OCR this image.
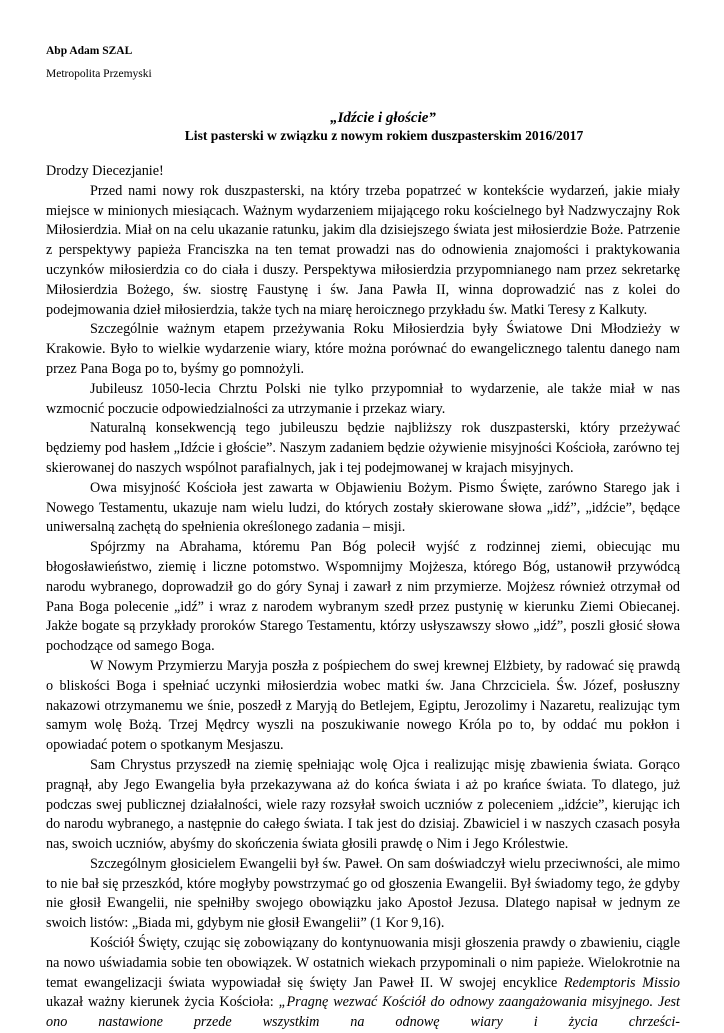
Abp Adam SZAL
Metropolita Przemyski
„Idźcie i głoście”
List pasterski w związku z nowym rokiem duszpasterskim 2016/2017
Drodzy Diecezjanie!

Przed nami nowy rok duszpasterski, na który trzeba popatrzeć w kontekście wydarzeń, jakie miały miejsce w minionych miesiącach. Ważnym wydarzeniem mijającego roku kościelnego był Nadzwyczajny Rok Miłosierdzia. Miał on na celu ukazanie ratunku, jakim dla dzisiejszego świata jest miłosierdzie Boże. Patrzenie z perspektywy papieża Franciszka na ten temat prowadzi nas do odnowienia znajomości i praktykowania uczynków miłosierdzia co do ciała i duszy. Perspektywa miłosierdzia przypomnianego nam przez sekretarkę Miłosierdzia Bożego, św. siostrę Faustynę i św. Jana Pawła II, winna doprowadzić nas z kolei do podejmowania dzieł miłosierdzia, także tych na miarę heroicznego przykładu św. Matki Teresy z Kalkuty.

Szczególnie ważnym etapem przeżywania Roku Miłosierdzia były Światowe Dni Młodzieży w Krakowie. Było to wielkie wydarzenie wiary, które można porównać do ewangelicznego talentu danego nam przez Pana Boga po to, byśmy go pomnożyli.

Jubileusz 1050-lecia Chrztu Polski nie tylko przypomniał to wydarzenie, ale także miał w nas wzmocnić poczucie odpowiedzialności za utrzymanie i przekaz wiary.

Naturalną konsekwencją tego jubileuszu będzie najbliższy rok duszpasterski, który przeżywać będziemy pod hasłem „Idźcie i głoście”. Naszym zadaniem będzie ożywienie misyjności Kościoła, zarówno tej skierowanej do naszych wspólnot parafialnych, jak i tej podejmowanej w krajach misyjnych.

Owa misyjność Kościoła jest zawarta w Objawieniu Bożym. Pismo Święte, zarówno Starego jak i Nowego Testamentu, ukazuje nam wielu ludzi, do których zostały skierowane słowa „idź”, „idźcie”, będące uniwersalną zachętą do spełnienia określonego zadania – misji.

Spójrzmy na Abrahama, któremu Pan Bóg polecił wyjść z rodzinnej ziemi, obiecując mu błogosławieństwo, ziemię i liczne potomstwo. Wspomnijmy Mojżesza, którego Bóg, ustanowił przywódcą narodu wybranego, doprowadził go do góry Synaj i zawarł z nim przymierze. Mojżesz również otrzymał od Pana Boga polecenie „idź” i wraz z narodem wybranym szedł przez pustynię w kierunku Ziemi Obiecanej. Jakże bogate są przykłady proroków Starego Testamentu, którzy usłyszawszy słowo „idź”, poszli głosić słowa pochodzące od samego Boga.

W Nowym Przymierzu Maryja poszła z pośpiechem do swej krewnej Elżbiety, by radować się prawdą o bliskości Boga i spełniać uczynki miłosierdzia wobec matki św. Jana Chrzciciela. Św. Józef, posłuszny nakazowi otrzymanemu we śnie, poszedł z Maryją do Betlejem, Egiptu, Jerozolimy i Nazaretu, realizując tym samym wolę Bożą. Trzej Mędrcy wyszli na poszukiwanie nowego Króla po to, by oddać mu pokłon i opowiadać potem o spotkanym Mesjaszu.

Sam Chrystus przyszedł na ziemię spełniając wolę Ojca i realizując misję zbawienia świata. Gorąco pragnął, aby Jego Ewangelia była przekazywana aż do końca świata i aż po krańce świata. To dlatego, już podczas swej publicznej działalności, wiele razy rozsyłał swoich uczniów z poleceniem „idźcie”, kierując ich do narodu wybranego, a następnie do całego świata. I tak jest do dzisiaj. Zbawiciel i w naszych czasach posyła nas, swoich uczniów, abyśmy do skończenia świata głosili prawdę o Nim i Jego Królestwie.

Szczególnym głosicielem Ewangelii był św. Paweł. On sam doświadczył wielu przeciwności, ale mimo to nie bał się przeszkód, które mogłyby powstrzymać go od głoszenia Ewangelii. Był świadomy tego, że gdyby nie głosił Ewangelii, nie spełniłby swojego obowiązku jako Apostoł Jezusa. Dlatego napisał w jednym ze swoich listów: „Biada mi, gdybym nie głosił Ewangelii” (1 Kor 9,16).

Kościół Święty, czując się zobowiązany do kontynuowania misji głoszenia prawdy o zbawieniu, ciągle na nowo uświadamia sobie ten obowiązek. W ostatnich wiekach przypominali o nim papieże. Wielokrotnie na temat ewangelizacji świata wypowiadał się święty Jan Paweł II. W swojej encyklice Redemptoris Missio ukazał ważny kierunek życia Kościoła: „Pragnę wezwać Kościół do odnowy zaangażowania misyjnego. Jest ono nastawione przede wszystkim na odnowę wiary i życia chrześci-
